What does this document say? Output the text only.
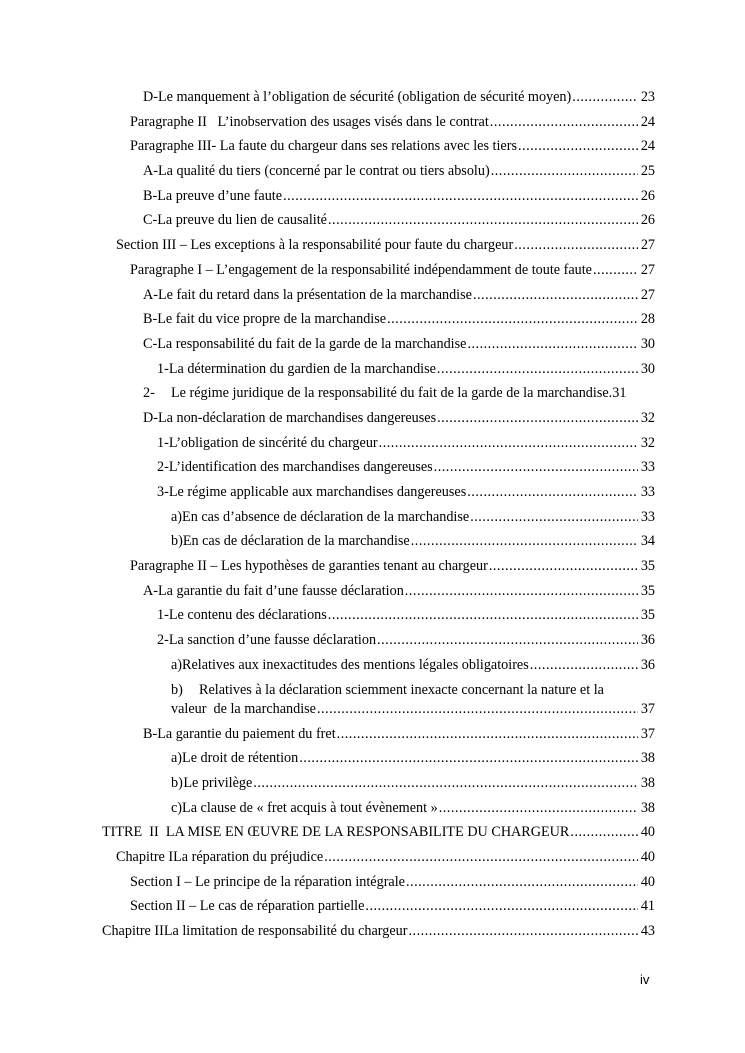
D- Le manquement à l’obligation de sécurité (obligation de sécurité moyen) .....	23
Paragraphe II   L’inobservation des usages visés dans le contrat .....	24
Paragraphe III- La faute du chargeur dans ses relations avec les tiers .....	24
A- La qualité du tiers (concerné par le contrat ou tiers absolu) .....	25
B- La preuve d’une faute .....	26
C- La preuve du lien de causalité .....	26
Section III – Les exceptions à la responsabilité pour faute du chargeur .....	27
Paragraphe I – L’engagement de la responsabilité indépendamment de toute faute .....	27
A- Le fait du retard dans la présentation de la marchandise .....	27
B- Le fait du vice propre de la marchandise .....	28
C- La responsabilité du fait de la garde de la marchandise .....	30
1- La détermination du gardien de la marchandise .....	30
2-	Le régime juridique de la responsabilité du fait de la garde de la marchandise. 31
D- La non-déclaration de marchandises dangereuses .....	32
1- L’obligation de sincérité du chargeur .....	32
2- L’identification des marchandises dangereuses .....	33
3- Le régime applicable aux marchandises dangereuses .....	33
a) En cas d’absence de déclaration de la marchandise .....	33
b) En cas de déclaration de la marchandise .....	34
Paragraphe II – Les hypothèses de garanties tenant au chargeur .....	35
A- La garantie du fait d’une fausse déclaration .....	35
1- Le contenu des déclarations .....	35
2- La sanction d’une fausse déclaration .....	36
a) Relatives aux inexactitudes des mentions légales obligatoires .....	36
b) Relatives à la déclaration sciemment inexacte concernant la nature et la
valeur  de la marchandise .....	37
B- La garantie du paiement du fret .....	37
a) Le droit de rétention .....	38
b) Le privilège .....	38
c) La clause de « fret acquis à tout évènement » .....	38
TITRE  II  LA MISE EN ŒUVRE DE LA RESPONSABILITE DU CHARGEUR .....	40
Chapitre I La réparation du préjudice .....	40
Section I – Le principe de la réparation intégrale .....	40
Section II – Le cas de réparation partielle .....	41
Chapitre II La limitation de responsabilité du chargeur .....	43
iv
